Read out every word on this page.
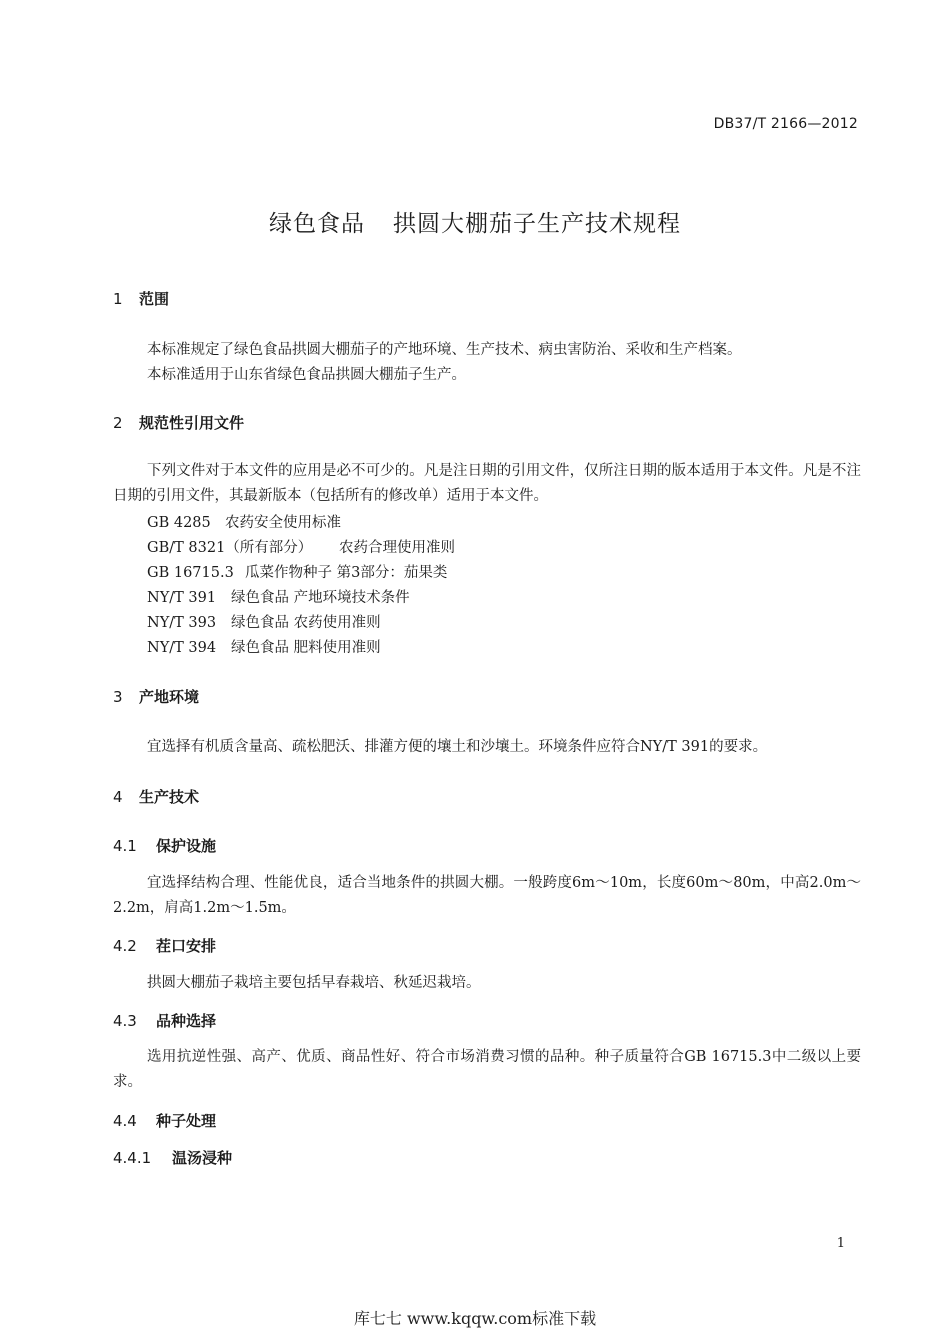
DB37/T 2166—2012
绿色食品 拱圆大棚茄子生产技术规程
1 范围
本标准规定了绿色食品拱圆大棚茄子的产地环境、生产技术、病虫害防治、采收和生产档案。
本标准适用于山东省绿色食品拱圆大棚茄子生产。
2 规范性引用文件
下列文件对于本文件的应用是必不可少的。凡是注日期的引用文件，仅所注日期的版本适用于本文件。凡是不注日期的引用文件，其最新版本（包括所有的修改单）适用于本文件。
GB 4285 农药安全使用标准
GB/T 8321（所有部分） 农药合理使用准则
GB 16715.3 瓜菜作物种子 第3部分：茄果类
NY/T 391 绿色食品 产地环境技术条件
NY/T 393 绿色食品 农药使用准则
NY/T 394 绿色食品 肥料使用准则
3 产地环境
宜选择有机质含量高、疏松肥沃、排灌方便的壤土和沙壤土。环境条件应符合NY/T 391的要求。
4 生产技术
4.1 保护设施
宜选择结构合理、性能优良，适合当地条件的拱圆大棚。一般跨度6m～10m，长度60m～80m，中高2.0m～2.2m，肩高1.2m～1.5m。
4.2 茬口安排
拱圆大棚茄子栽培主要包括早春栽培、秋延迟栽培。
4.3 品种选择
选用抗逆性强、高产、优质、商品性好、符合市场消费习惯的品种。种子质量符合GB 16715.3中二级以上要求。
4.4 种子处理
4.4.1 温汤浸种
1
库七七 www.kqqw.com标准下载
